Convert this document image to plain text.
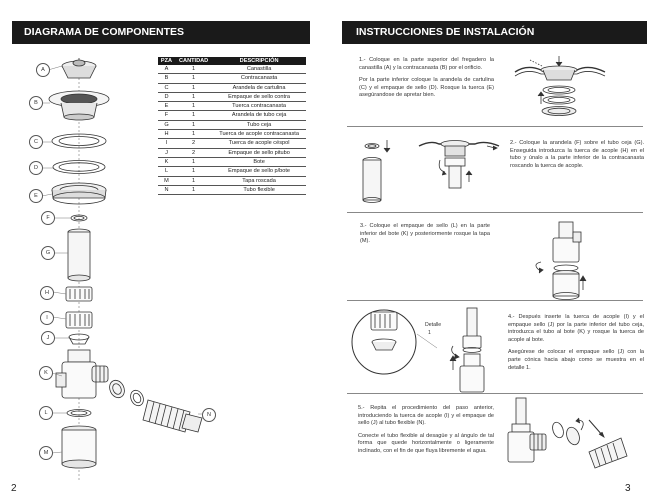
DIAGRAMA DE COMPONENTES
A
B
C
D
E
F
G
H
I
J
K
L
M
N
PZA	CANTIDAD	DESCRIPCIÓN
A	1	Canastilla
B	1	Contracanasta
C	1	Arandela de cartulina
D	1	Empaque de sello contra
E	1	Tuerca contracanasta
F	1	Arandela de tubo ceja
G	1	Tubo ceja
H	1	Tuerca de acople contracanasta
I	2	Tuerca de acople céspol
J	2	Empaque de sello pitubo
K	1	Bote
L	1	Empaque de sello p/bote
M	1	Tapa roscada
N	1	Tubo flexible
2
INSTRUCCIONES DE INSTALACIÓN

1.- Coloque en la parte superior del fregadero la canastilla (A) y la contracanasta (B) por el orificio.

Por la parte inferior coloque la arandela de cartulina (C) y el empaque de sello (D). Rosque la tuerca (E) asegúrandose de apretar bien.

2.- Coloque la arandela (F) sobre el tubo ceja (G). Enseguida introduzca la tuerca de acople (H) en el tubo y únalo a la parte inferior de la contracanasta roscando la tuerca de acople.

3.- Coloque el empaque de sello (L) en la parte inferior del bote (K) y posteriormente rosque la tapa (M).

Detalle
1

4.- Después inserte la tuerca de acople (I) y el empaque sello (J) por la parte inferior del tubo ceja, introduzca el tubo al bote (K) y rosque la tuerca de acople al bote.

Asegúrese de colocar el empaque sello (J) con la parte cónica hacia abajo como se muestra en el detalle 1.

5.- Repita el procedimiento del paso anterior, introduciendo la tuerca de acople (I) y el empaque de sello (J) al tubo flexible (N).

Conecte el tubo flexible al desagüe y al ángulo de tal forma que quede horizontalmente o ligeramente inclinado, con el fin de que fluya libremente el agua.

3
